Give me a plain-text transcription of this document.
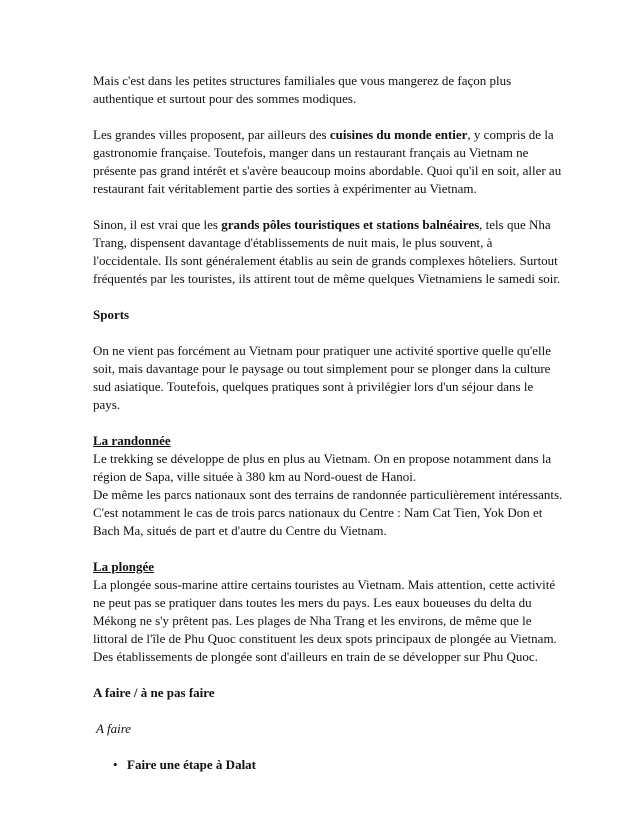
Mais c'est dans les petites structures familiales que vous mangerez de façon plus authentique et surtout pour des sommes modiques.

Les grandes villes proposent, par ailleurs des cuisines du monde entier, y compris de la gastronomie française. Toutefois, manger dans un restaurant français au Vietnam ne présente pas grand intérêt et s'avère beaucoup moins abordable. Quoi qu'il en soit, aller au restaurant fait véritablement partie des sorties à expérimenter au Vietnam.

Sinon, il est vrai que les grands pôles touristiques et stations balnéaires, tels que Nha Trang, dispensent davantage d'établissements de nuit mais, le plus souvent, à l'occidentale. Ils sont généralement établis au sein de grands complexes hôteliers. Surtout fréquentés par les touristes, ils attirent tout de même quelques Vietnamiens le samedi soir.

Sports

On ne vient pas forcément au Vietnam pour pratiquer une activité sportive quelle qu'elle soit, mais davantage pour le paysage ou tout simplement pour se plonger dans la culture sud asiatique. Toutefois, quelques pratiques sont à privilégier lors d'un séjour dans le pays.

La randonnée

Le trekking se développe de plus en plus au Vietnam. On en propose notamment dans la région de Sapa, ville située à 380 km au Nord-ouest de Hanoi.

De même les parcs nationaux sont des terrains de randonnée particulièrement intéressants. C'est notamment le cas de trois parcs nationaux du Centre : Nam Cat Tien, Yok Don et Bach Ma, situés de part et d'autre du Centre du Vietnam.

La plongée

La plongée sous-marine attire certains touristes au Vietnam. Mais attention, cette activité ne peut pas se pratiquer dans toutes les mers du pays. Les eaux boueuses du delta du Mékong ne s'y prêtent pas. Les plages de Nha Trang et les environs, de même que le littoral de l'île de Phu Quoc constituent les deux spots principaux de plongée au Vietnam.

Des établissements de plongée sont d'ailleurs en train de se développer sur Phu Quoc.

A faire / à ne pas faire

A faire

• Faire une étape à Dalat
